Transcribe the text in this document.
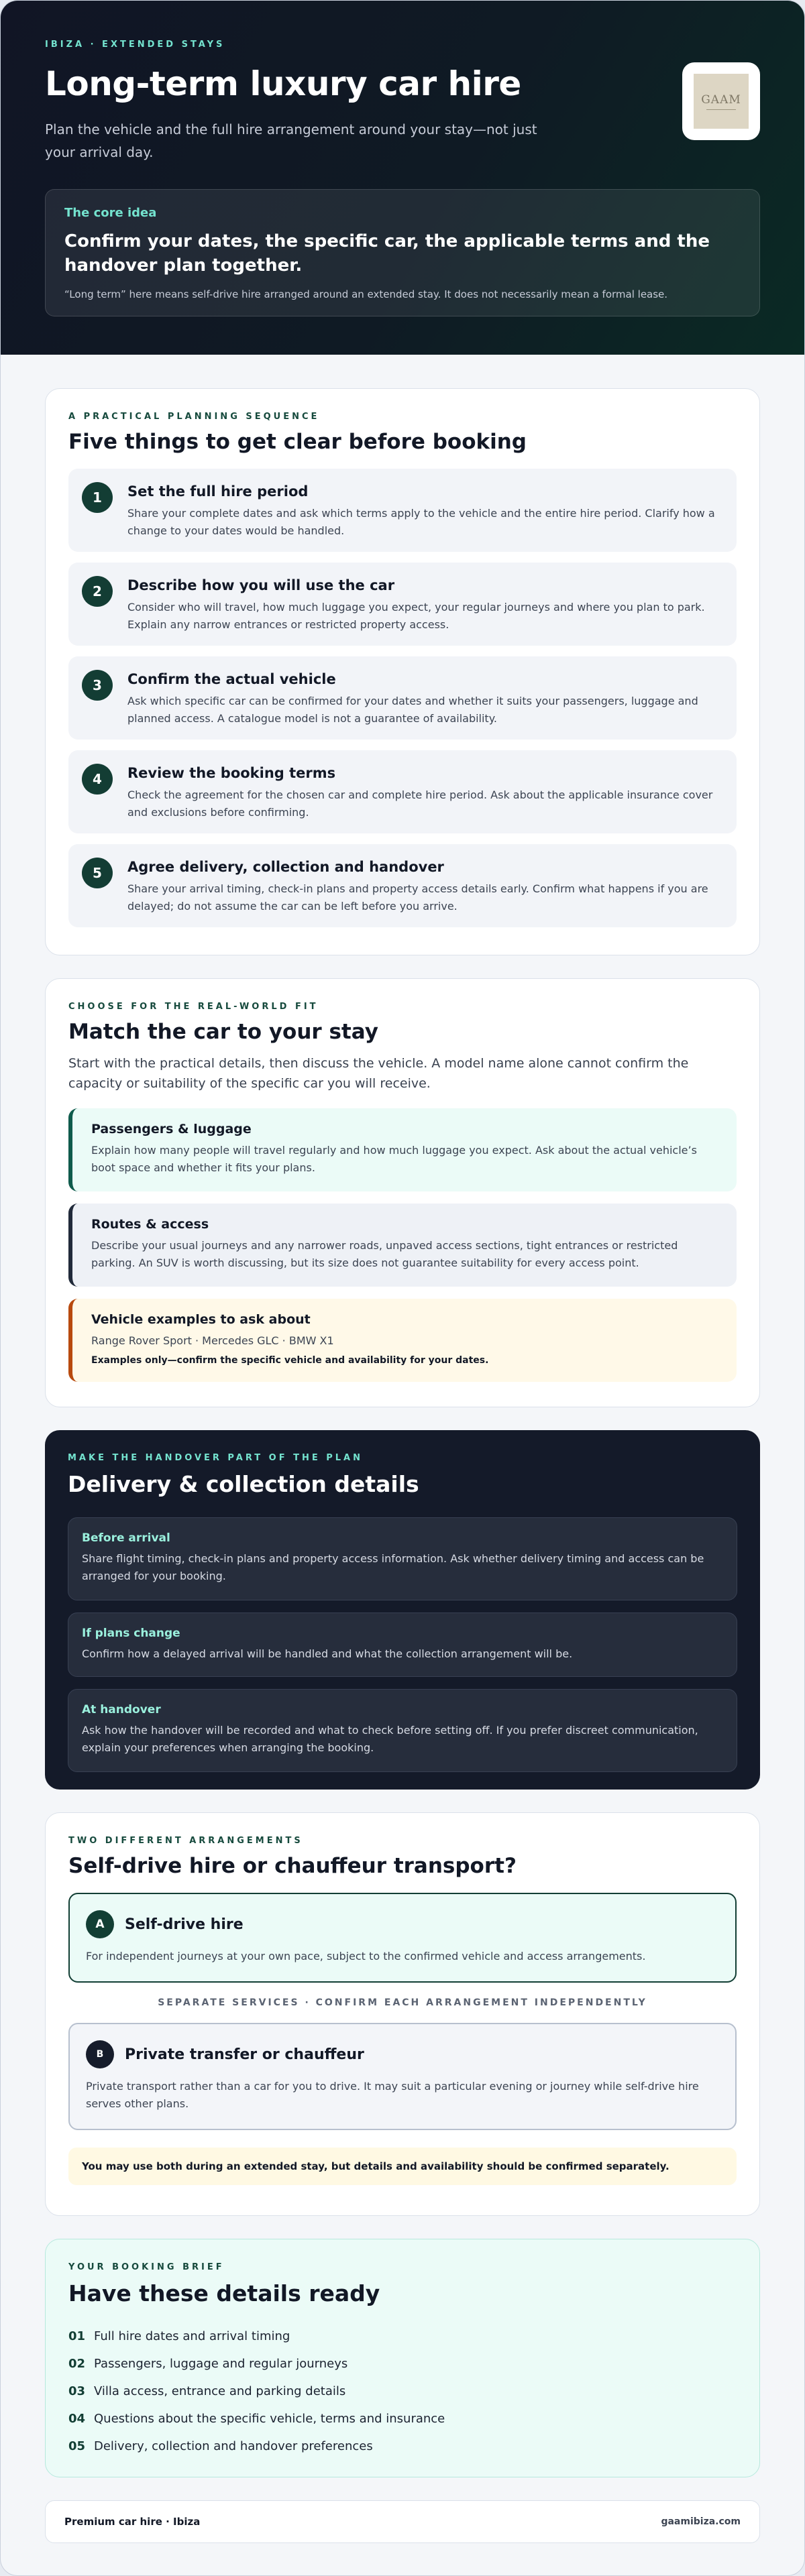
IBIZA · EXTENDED STAYS
Long-term luxury car hire

Plan the vehicle and the full hire arrangement around your stay—not just your arrival day.

GAAM
The core idea
Confirm your dates, the specific car, the applicable terms and the handover plan together.
“Long term” here means self-drive hire arranged around an extended stay. It does not necessarily mean a formal lease.
A PRACTICAL PLANNING SEQUENCE
Five things to get clear before booking
1	Set the full hire period
Share your complete dates and ask which terms apply to the vehicle and the entire hire period. Clarify how a change to your dates would be handled.
2	Describe how you will use the car
Consider who will travel, how much luggage you expect, your regular journeys and where you plan to park. Explain any narrow entrances or restricted property access.
3	Confirm the actual vehicle
Ask which specific car can be confirmed for your dates and whether it suits your passengers, luggage and planned access. A catalogue model is not a guarantee of availability.
4	Review the booking terms
Check the agreement for the chosen car and complete hire period. Ask about the applicable insurance cover and exclusions before confirming.
5	Agree delivery, collection and handover
Share your arrival timing, check-in plans and property access details early. Confirm what happens if you are delayed; do not assume the car can be left before you arrive.
CHOOSE FOR THE REAL-WORLD FIT
Match the car to your stay

Start with the practical details, then discuss the vehicle. A model name alone cannot confirm the capacity or suitability of the specific car you will receive.

Passengers & luggage
Explain how many people will travel regularly and how much luggage you expect. Ask about the actual vehicle’s boot space and whether it fits your plans.
Routes & access
Describe your usual journeys and any narrower roads, unpaved access sections, tight entrances or restricted parking. An SUV is worth discussing, but its size does not guarantee suitability for every access point.
Vehicle examples to ask about
Range Rover Sport · Mercedes GLC · BMW X1
Examples only—confirm the specific vehicle and availability for your dates.
MAKE THE HANDOVER PART OF THE PLAN
Delivery & collection details
Before arrival
Share flight timing, check-in plans and property access information. Ask whether delivery timing and access can be arranged for your booking.
If plans change
Confirm how a delayed arrival will be handled and what the collection arrangement will be.
At handover
Ask how the handover will be recorded and what to check before setting off. If you prefer discreet communication, explain your preferences when arranging the booking.
TWO DIFFERENT ARRANGEMENTS
Self-drive hire or chauffeur transport?
A	Self-drive hire
For independent journeys at your own pace, subject to the confirmed vehicle and access arrangements.
SEPARATE SERVICES · CONFIRM EACH ARRANGEMENT INDEPENDENTLY
B	Private transfer or chauffeur
Private transport rather than a car for you to drive. It may suit a particular evening or journey while self-drive hire serves other plans.
You may use both during an extended stay, but details and availability should be confirmed separately.
YOUR BOOKING BRIEF
Have these details ready
01 Full hire dates and arrival timing
02 Passengers, luggage and regular journeys
03 Villa access, entrance and parking details
04 Questions about the specific vehicle, terms and insurance
05 Delivery, collection and handover preferences
Premium car hire · Ibiza	gaamibiza.com
